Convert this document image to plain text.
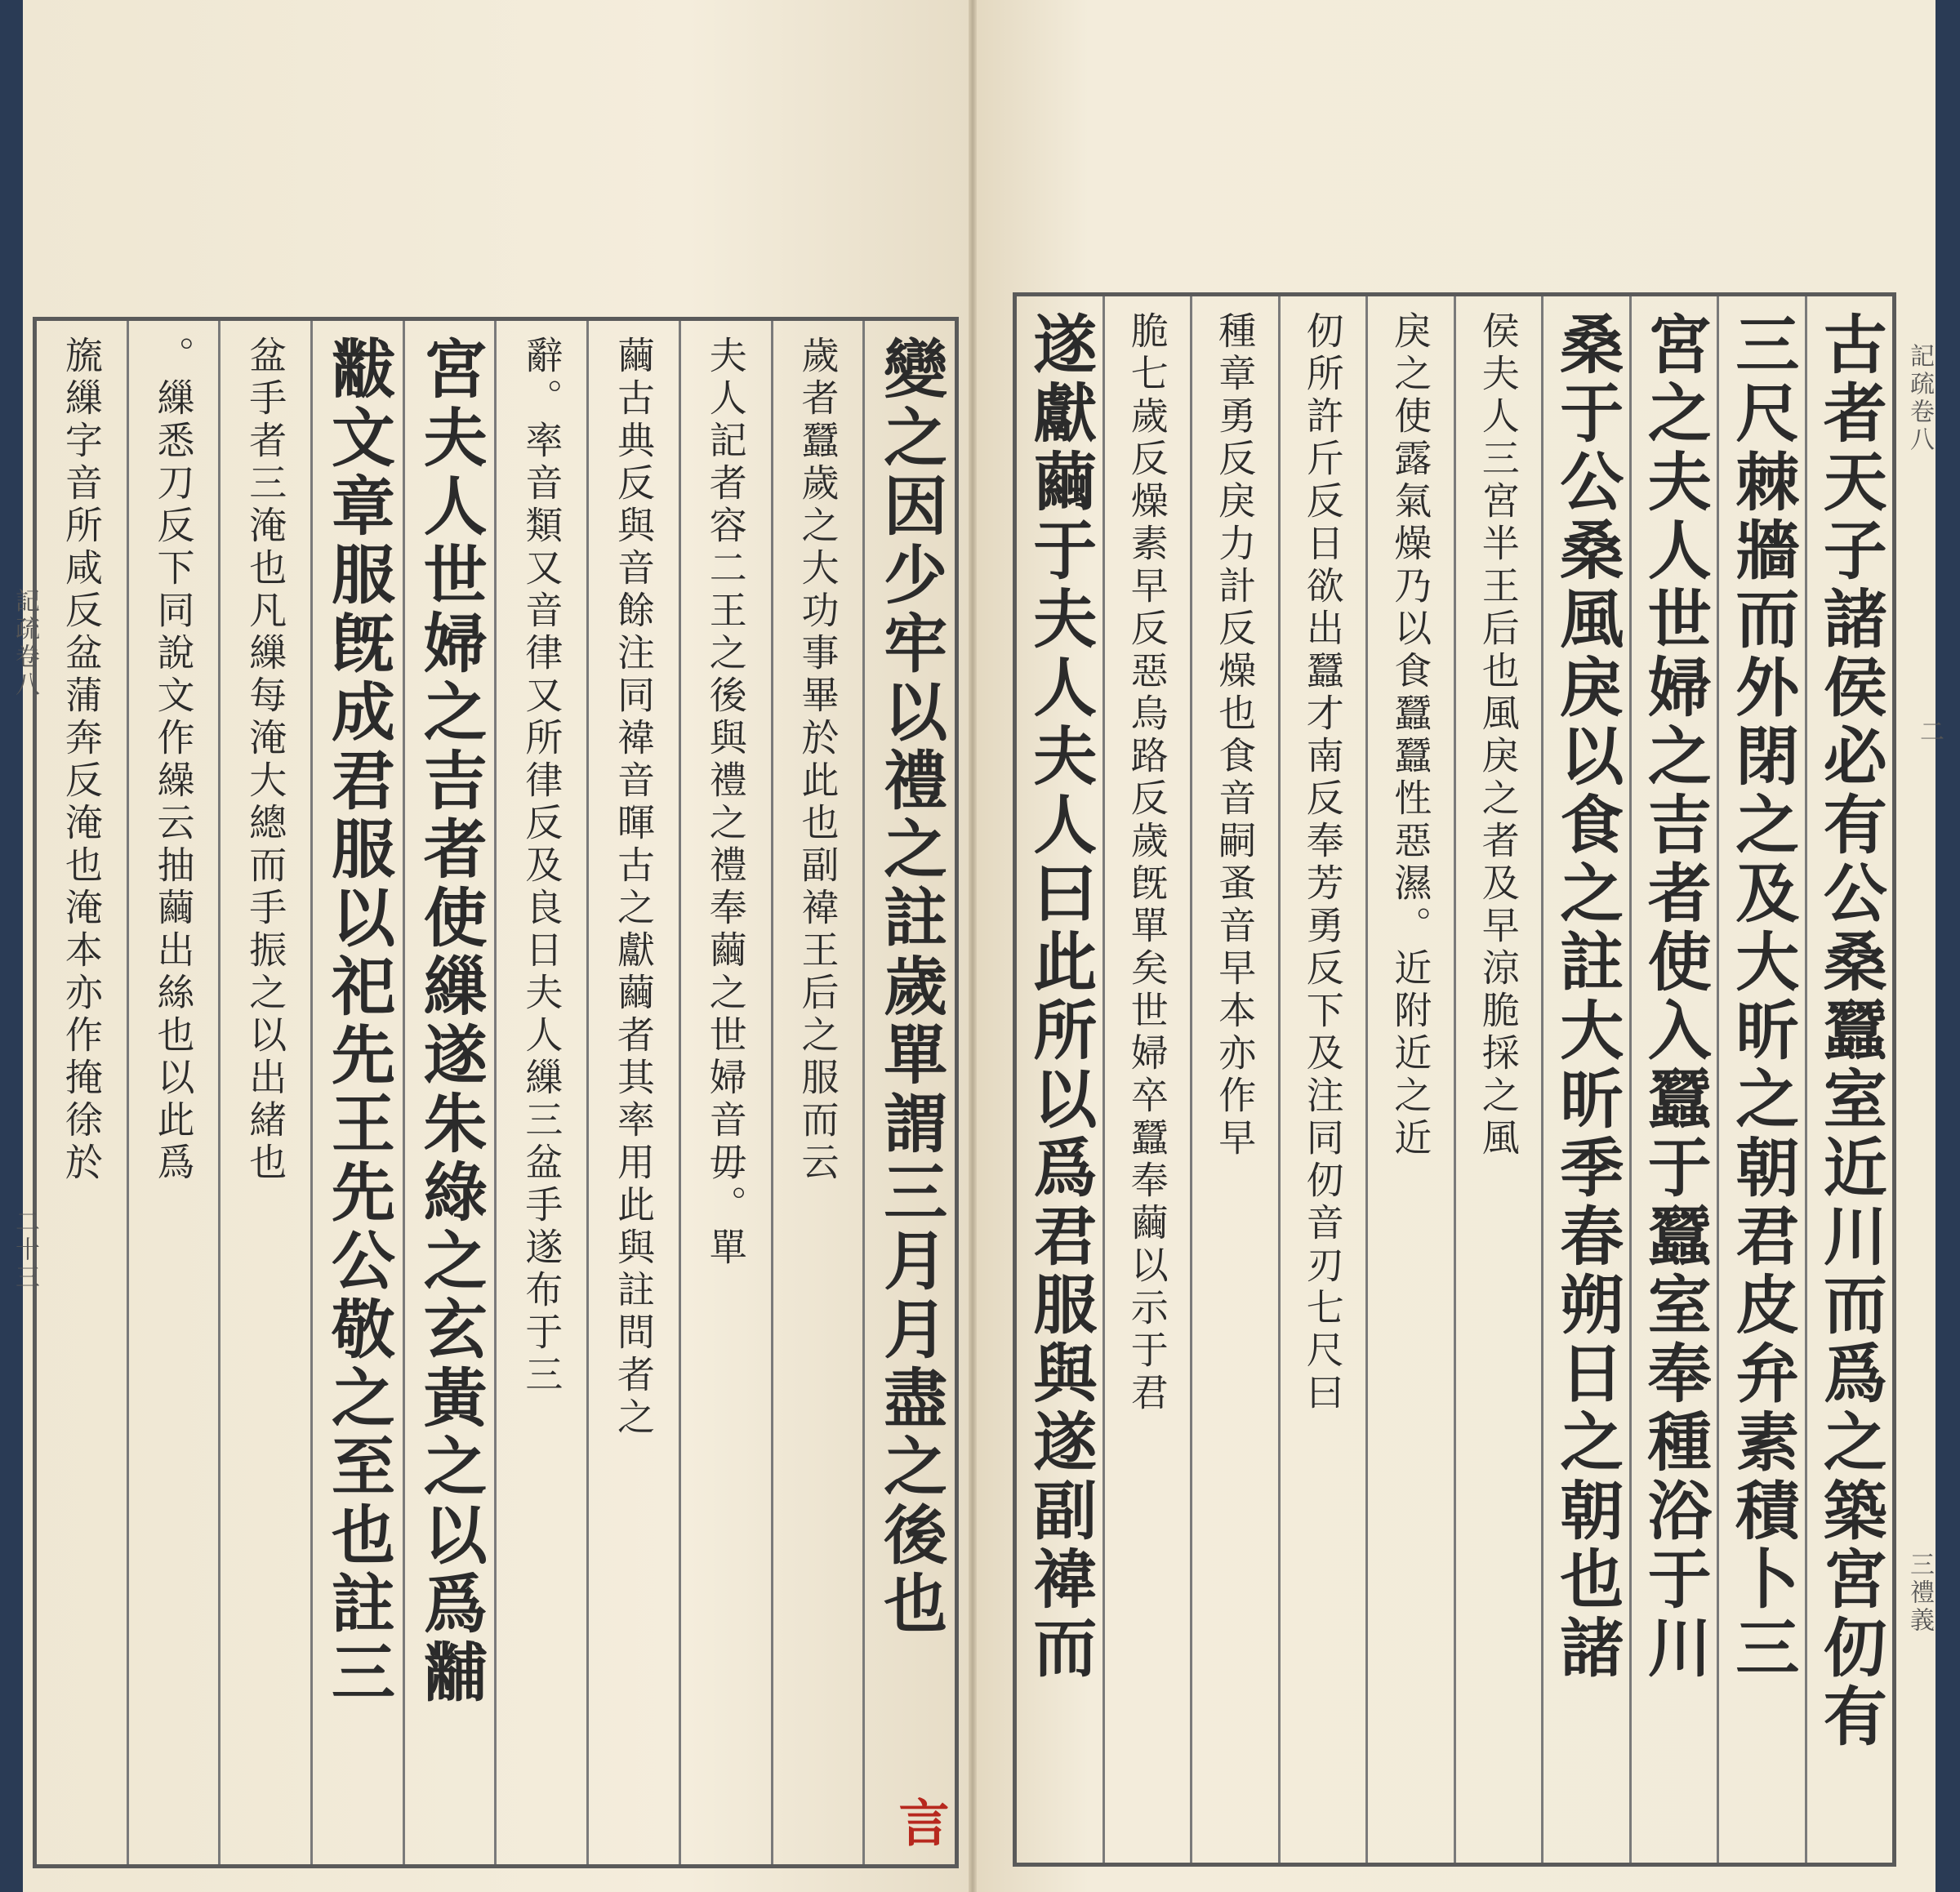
變之因少牢以禮之註歲單謂三月月盡之後也
歲者蠶歲之大功事畢於此也副褘王后之服而云
夫人記者容二王之後與禮之禮奉繭之世婦音毋。單
繭古典反與音餘注同褘音暉古之獻繭者其率用此與註問者之
辭。率音類又音律又所律反及良日夫人繅三盆手遂布于三
宮夫人世婦之吉者使繅遂朱綠之玄黃之以爲黼
黻文章服旣成君服以祀先王先公敬之至也註三
盆手者三淹也凡繅每淹大總而手振之以出緒也
。繅悉刀反下同說文作繰云抽繭出絲也以此爲
旒繅字音所咸反盆蒲奔反淹也淹本亦作掩徐於
記疏卷八
二十三
言
古者天子諸侯必有公桑蠶室近川而爲之築宮仞有
三尺棘牆而外閉之及大昕之朝君皮弁素積卜三
宮之夫人世婦之吉者使入蠶于蠶室奉種浴于川
桑于公桑風戾以食之註大昕季春朔日之朝也諸
侯夫人三宮半王后也風戾之者及早涼脆採之風
戾之使露氣燥乃以食蠶蠶性惡濕。近附近之近
仞所許斤反日欲出蠶才南反奉芳勇反下及注同仞音刃七尺曰
種章勇反戾力計反燥也食音嗣蚤音早本亦作早
脆七歲反燥素早反惡烏路反歲旣單矣世婦卒蠶奉繭以示于君
遂獻繭于夫人夫人曰此所以爲君服與遂副褘而	記疏卷八
二
三禮義
